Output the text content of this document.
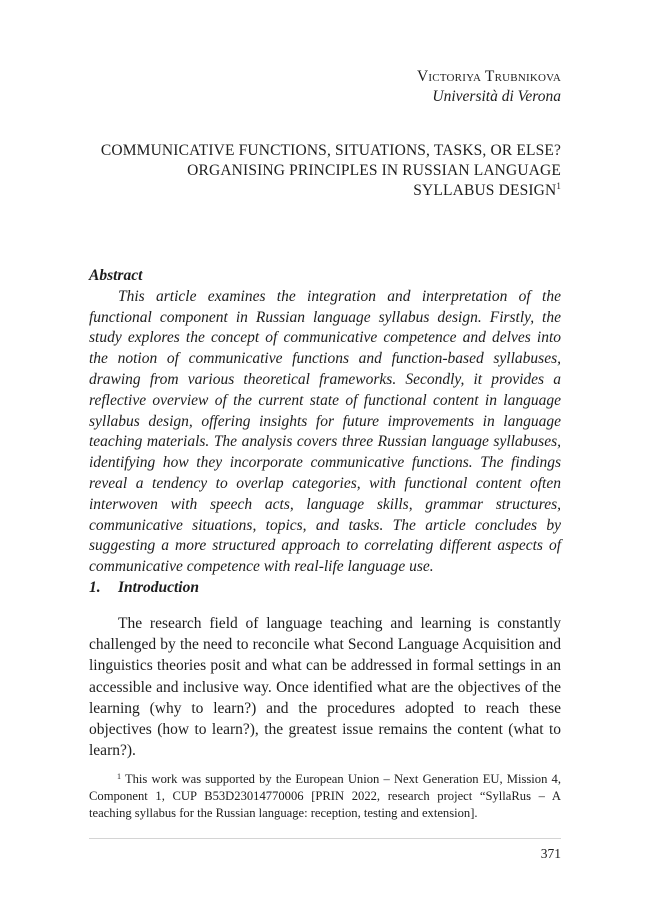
Victoriya Trubnikova
Università di Verona
COMMUNICATIVE FUNCTIONS, SITUATIONS, TASKS, OR ELSE?
ORGANISING PRINCIPLES IN RUSSIAN LANGUAGE
SYLLABUS DESIGN$^1$
Abstract

This article examines the integration and interpretation of the functional component in Russian language syllabus design. Firstly, the study explores the concept of communicative competence and delves into the notion of communicative functions and function-based syllabuses, drawing from various theoretical frameworks. Secondly, it provides a reflective overview of the current state of functional content in language syllabus design, offering insights for future improvements in language teaching materials. The analysis covers three Russian language syllabuses, identifying how they incorporate communicative functions. The findings reveal a tendency to overlap categories, with functional content often interwoven with speech acts, language skills, grammar structures, communicative situations, topics, and tasks. The article concludes by suggesting a more structured approach to correlating different aspects of communicative competence with real-life language use.

1. Introduction

The research field of language teaching and learning is constantly challenged by the need to reconcile what Second Language Acquisition and linguistics theories posit and what can be addressed in formal settings in an accessible and inclusive way. Once identified what are the objectives of the learning (why to learn?) and the procedures adopted to reach these objectives (how to learn?), the greatest issue remains the content (what to learn?).

$^1$ This work was supported by the European Union – Next Generation EU, Mission 4, Component 1, CUP B53D23014770006 [PRIN 2022, research project “SyllaRus – A teaching syllabus for the Russian language: reception, testing and extension].

371
